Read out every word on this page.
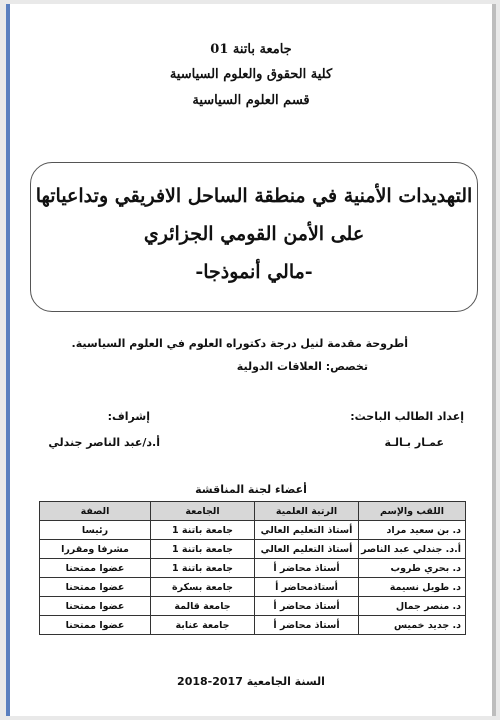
جامعة باتنة 01
كلية الحقوق والعلوم السياسية
قسم العلوم السياسية
التهديدات الأمنية في منطقة الساحل الافريقي وتداعياتها
على الأمن القومي الجزائري
-مالي أنموذجا-
أطروحة مقدمة لنيل درجة دكتوراه العلوم في العلوم السياسية.
تخصص: العلاقات الدولية
إعداد الطالب الباحث:
عمـار بـالـة
إشراف:
أ.د/عبد الناصر جندلي
أعضاء لجنة المناقشة
اللقب والإسم	الرتبة العلمية	الجامعة	الصفة
د. بن سعيد مراد	أستاذ التعليم العالي	جامعة باتنة 1	رئيسا
أ.د. جندلي عبد الناصر	أستاذ التعليم العالي	جامعة باتنة 1	مشرفا ومقررا
د. بحري طروب	أستاذ محاضر أ	جامعة باتنة 1	عضوا ممتحنا
د. طويل نسيمة	أستاذمحاضر أ	جامعة بسكرة	عضوا ممتحنا
د. منصر جمال	أستاذ محاضر أ	جامعة قالمة	عضوا ممتحنا
د. جديد خميس	أستاذ محاضر أ	جامعة عنابة	عضوا ممتحنا
السنة الجامعية 2017-2018
